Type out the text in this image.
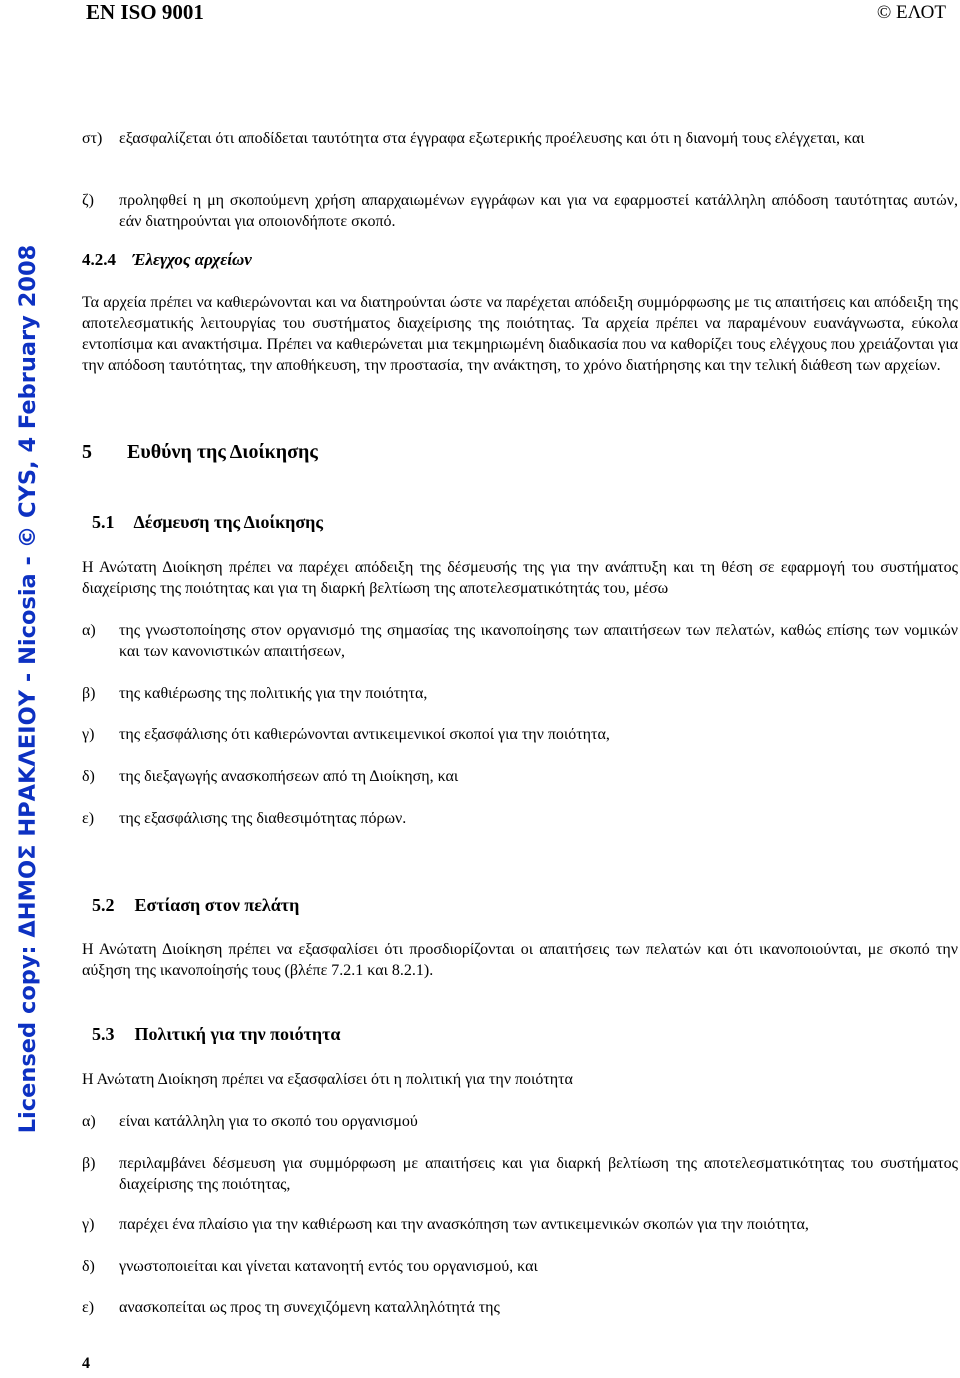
EN ISO 9001	© ΕΛΟΤ
Licensed copy: ΔΗΜΟΣ ΗΡΑΚΛΕΙΟΥ - Nicosia - © CYS, 4 February 2008
στ)	εξασφαλίζεται ότι αποδίδεται ταυτότητα στα έγγραφα εξωτερικής προέλευσης και ότι η διανομή τους ελέγχεται, και
ζ)	προληφθεί η μη σκοπούμενη χρήση απαρχαιωμένων εγγράφων και για να εφαρμοστεί κατάλληλη απόδοση ταυτότητας αυτών, εάν διατηρούνται για οποιονδήποτε σκοπό.
4.2.4 Έλεγχος αρχείων
Τα αρχεία πρέπει να καθιερώνονται και να διατηρούνται ώστε να παρέχεται απόδειξη συμμόρφωσης με τις απαιτήσεις και απόδειξη της αποτελεσματικής λειτουργίας του συστήματος διαχείρισης της ποιότητας. Τα αρχεία πρέπει να παραμένουν ευανάγνωστα, εύκολα εντοπίσιμα και ανακτήσιμα. Πρέπει να καθιερώνεται μια τεκμηριωμένη διαδικασία που να καθορίζει τους ελέγχους που χρειάζονται για την απόδοση ταυτότητας, την αποθήκευση, την προστασία, την ανάκτηση, το χρόνο διατήρησης και την τελική διάθεση των αρχείων.
5 Ευθύνη της Διοίκησης
5.1 Δέσμευση της Διοίκησης
Η Ανώτατη Διοίκηση πρέπει να παρέχει απόδειξη της δέσμευσής της για την ανάπτυξη και τη θέση σε εφαρμογή του συστήματος διαχείρισης της ποιότητας και για τη διαρκή βελτίωση της αποτελεσματικότητάς του, μέσω
α)	της γνωστοποίησης στον οργανισμό της σημασίας της ικανοποίησης των απαιτήσεων των πελατών, καθώς επίσης των νομικών και των κανονιστικών απαιτήσεων,
β)	της καθιέρωσης της πολιτικής για την ποιότητα,
γ)	της εξασφάλισης ότι καθιερώνονται αντικειμενικοί σκοποί για την ποιότητα,
δ)	της διεξαγωγής ανασκοπήσεων από τη Διοίκηση, και
ε)	της εξασφάλισης της διαθεσιμότητας πόρων.
5.2 Εστίαση στον πελάτη
Η Ανώτατη Διοίκηση πρέπει να εξασφαλίσει ότι προσδιορίζονται οι απαιτήσεις των πελατών και ότι ικανοποιούνται, με σκοπό την αύξηση της ικανοποίησής τους (βλέπε 7.2.1 και 8.2.1).
5.3 Πολιτική για την ποιότητα
Η Ανώτατη Διοίκηση πρέπει να εξασφαλίσει ότι η πολιτική για την ποιότητα
α)	είναι κατάλληλη για το σκοπό του οργανισμού
β)	περιλαμβάνει δέσμευση για συμμόρφωση με απαιτήσεις και για διαρκή βελτίωση της αποτελεσματικότητας του συστήματος διαχείρισης της ποιότητας,
γ)	παρέχει ένα πλαίσιο για την καθιέρωση και την ανασκόπηση των αντικειμενικών σκοπών για την ποιότητα,
δ)	γνωστοποιείται και γίνεται κατανοητή εντός του οργανισμού, και
ε)	ανασκοπείται ως προς τη συνεχιζόμενη καταλληλότητά της
4
